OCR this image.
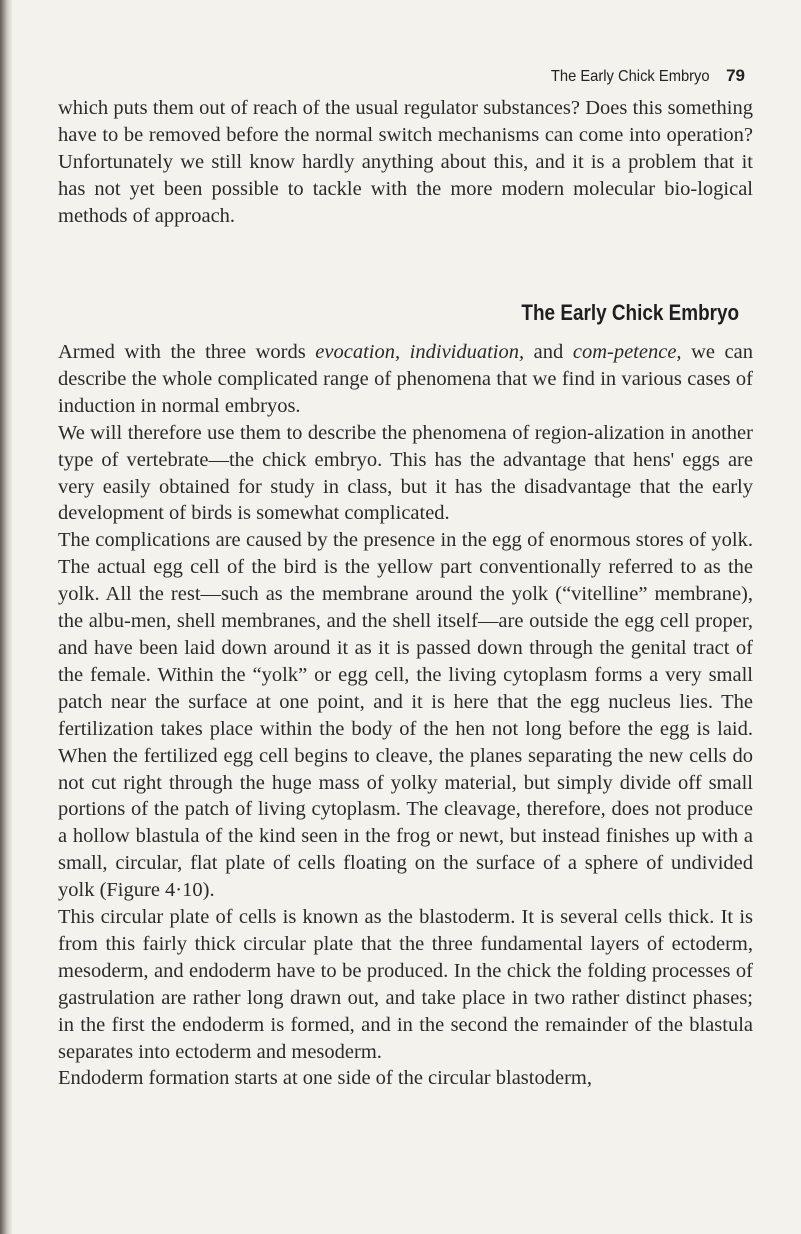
The Early Chick Embryo 79

which puts them out of reach of the usual regulator substances? Does this something have to be removed before the normal switch mechanisms can come into operation? Unfortunately we still know hardly anything about this, and it is a problem that it has not yet been possible to tackle with the more modern molecular bio-logical methods of approach.

The Early Chick Embryo

Armed with the three words evocation, individuation, and com-petence, we can describe the whole complicated range of phenomena that we find in various cases of induction in normal embryos.

We will therefore use them to describe the phenomena of region-alization in another type of vertebrate—the chick embryo. This has the advantage that hens' eggs are very easily obtained for study in class, but it has the disadvantage that the early development of birds is somewhat complicated.

The complications are caused by the presence in the egg of enormous stores of yolk. The actual egg cell of the bird is the yellow part conventionally referred to as the yolk. All the rest—such as the membrane around the yolk (“vitelline” membrane), the albu-men, shell membranes, and the shell itself—are outside the egg cell proper, and have been laid down around it as it is passed down through the genital tract of the female. Within the “yolk” or egg cell, the living cytoplasm forms a very small patch near the surface at one point, and it is here that the egg nucleus lies. The fertilization takes place within the body of the hen not long before the egg is laid. When the fertilized egg cell begins to cleave, the planes separating the new cells do not cut right through the huge mass of yolky material, but simply divide off small portions of the patch of living cytoplasm. The cleavage, therefore, does not produce a hollow blastula of the kind seen in the frog or newt, but instead finishes up with a small, circular, flat plate of cells floating on the surface of a sphere of undivided yolk (Figure 4·10).

This circular plate of cells is known as the blastoderm. It is several cells thick. It is from this fairly thick circular plate that the three fundamental layers of ectoderm, mesoderm, and endoderm have to be produced. In the chick the folding processes of gastrulation are rather long drawn out, and take place in two rather distinct phases; in the first the endoderm is formed, and in the second the remainder of the blastula separates into ectoderm and mesoderm.

Endoderm formation starts at one side of the circular blastoderm,
